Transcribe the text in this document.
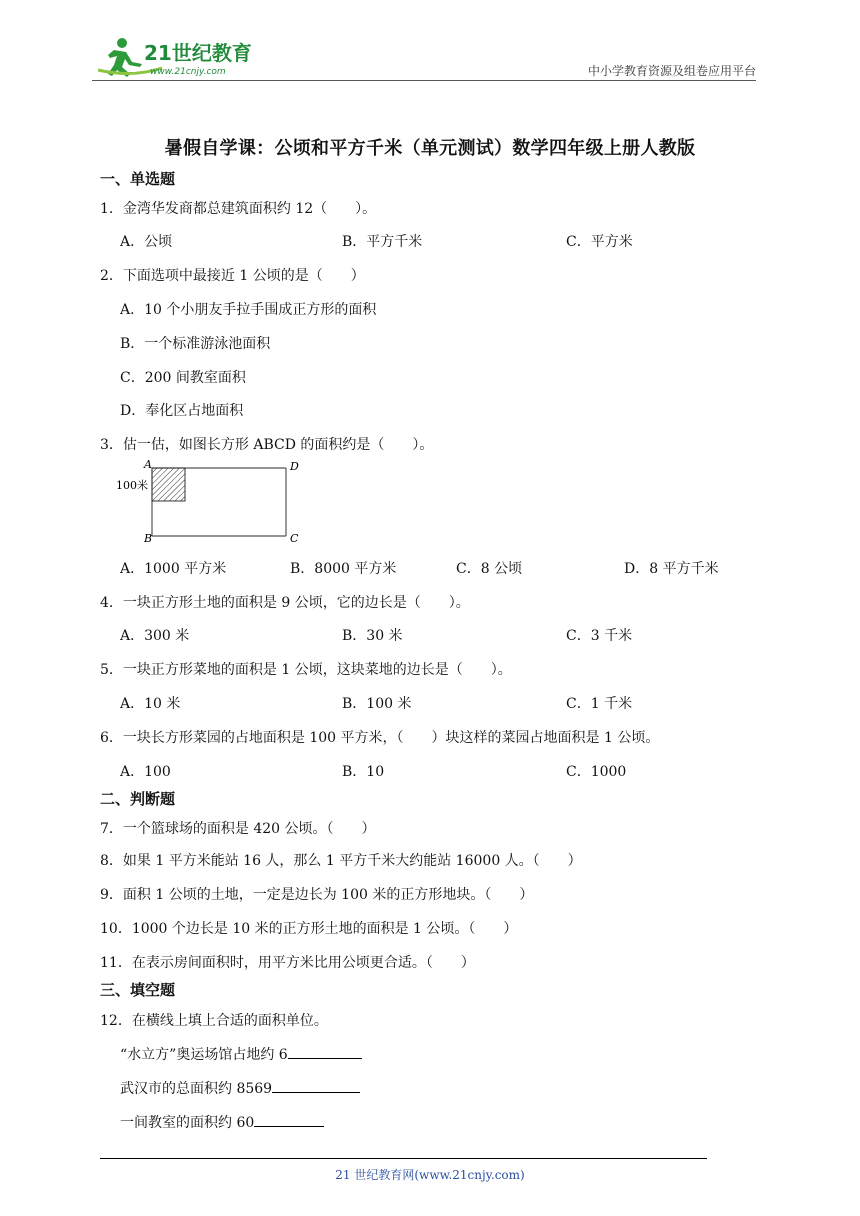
21世纪教育
www.21cnjy.com	中小学教育资源及组卷应用平台
暑假自学课：公顷和平方千米（单元测试）数学四年级上册人教版
一、单选题
1．金湾华发商都总建筑面积约 12（　　）。
A．公顷	B．平方千米	C．平方米
2．下面选项中最接近 1 公顷的是（　　）
A．10 个小朋友手拉手围成正方形的面积
B．一个标准游泳池面积
C．200 间教室面积
D．奉化区占地面积
3．估一估，如图长方形 ABCD 的面积约是（　　）。
A	D
B	C
100米
A．1000 平方米	B．8000 平方米	C．8 公顷	D．8 平方千米
4．一块正方形土地的面积是 9 公顷，它的边长是（　　）。
A．300 米	B．30 米	C．3 千米
5．一块正方形菜地的面积是 1 公顷，这块菜地的边长是（　　）。
A．10 米	B．100 米	C．1 千米
6．一块长方形菜园的占地面积是 100 平方米，（　　）块这样的菜园占地面积是 1 公顷。
A．100	B．10	C．1000
二、判断题
7．一个篮球场的面积是 420 公顷。（　　）
8．如果 1 平方米能站 16 人，那么 1 平方千米大约能站 16000 人。（　　）
9．面积 1 公顷的土地，一定是边长为 100 米的正方形地块。（　　）
10．1000 个边长是 10 米的正方形土地的面积是 1 公顷。（　　）
11．在表示房间面积时，用平方米比用公顷更合适。（　　）
三、填空题
12．在横线上填上合适的面积单位。
“水立方”奥运场馆占地约 6
武汉市的总面积约 8569
一间教室的面积约 60
21 世纪教育网(www.21cnjy.com)
